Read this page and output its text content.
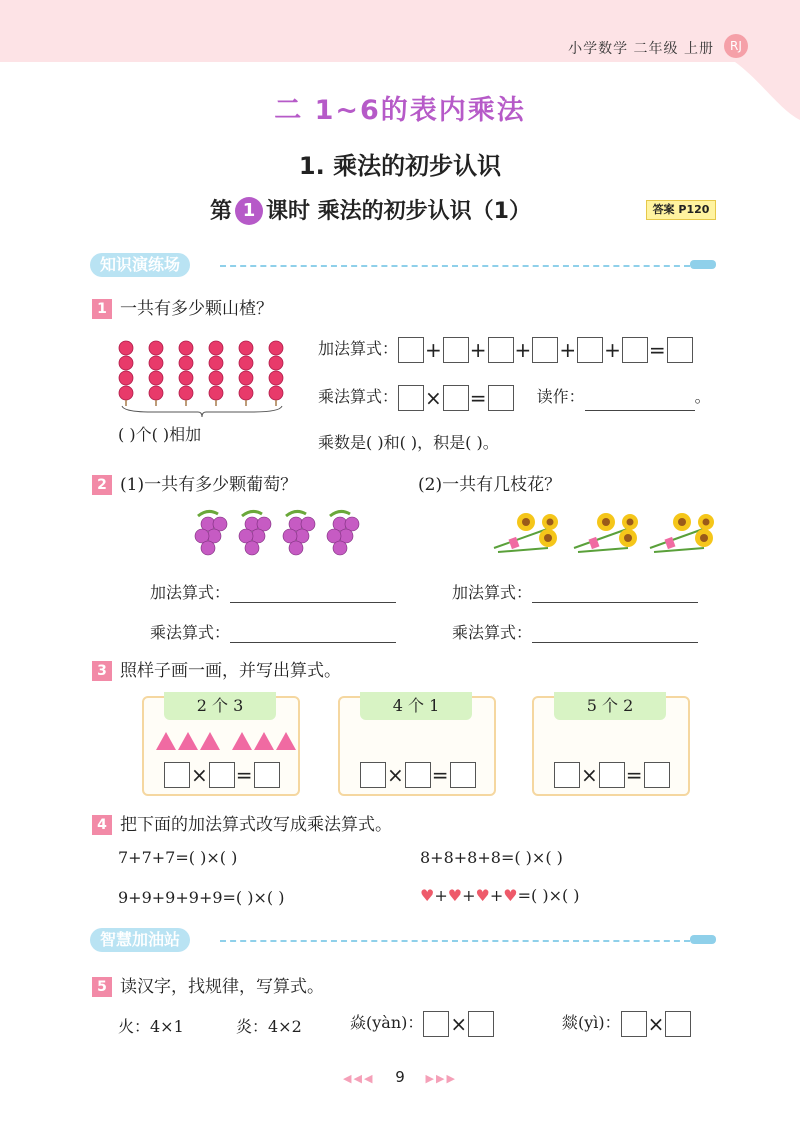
小学数学 二年级 上册	RJ
二 1~6的表内乘法
1. 乘法的初步认识
第 1 课时 乘法的初步认识（1）	答案 P120
知识演练场
1 一共有多少颗山楂？
( )个( )相加
加法算式： + + + + + =
乘法算式： × =	读作：	。
乘数是( )和( )，积是( )。
2 (1)一共有多少颗葡萄？	(2)一共有几枝花？
加法算式：
乘法算式：
加法算式：
乘法算式：
3 照样子画一画，并写出算式。
2 个 3
× =
4 个 1
× =
5 个 2
× =
4 把下面的加法算式改写成乘法算式。
7+7+7=( )×( )	8+8+8+8=( )×( )
9+9+9+9+9=( )×( )	♥+♥+♥+♥=( )×( )
智慧加油站
5 读汉字，找规律，写算式。
火：4×1	炎：4×2	焱(yàn)： ×	燚(yì)： ×
◀◀◀ 9 ▶▶▶
